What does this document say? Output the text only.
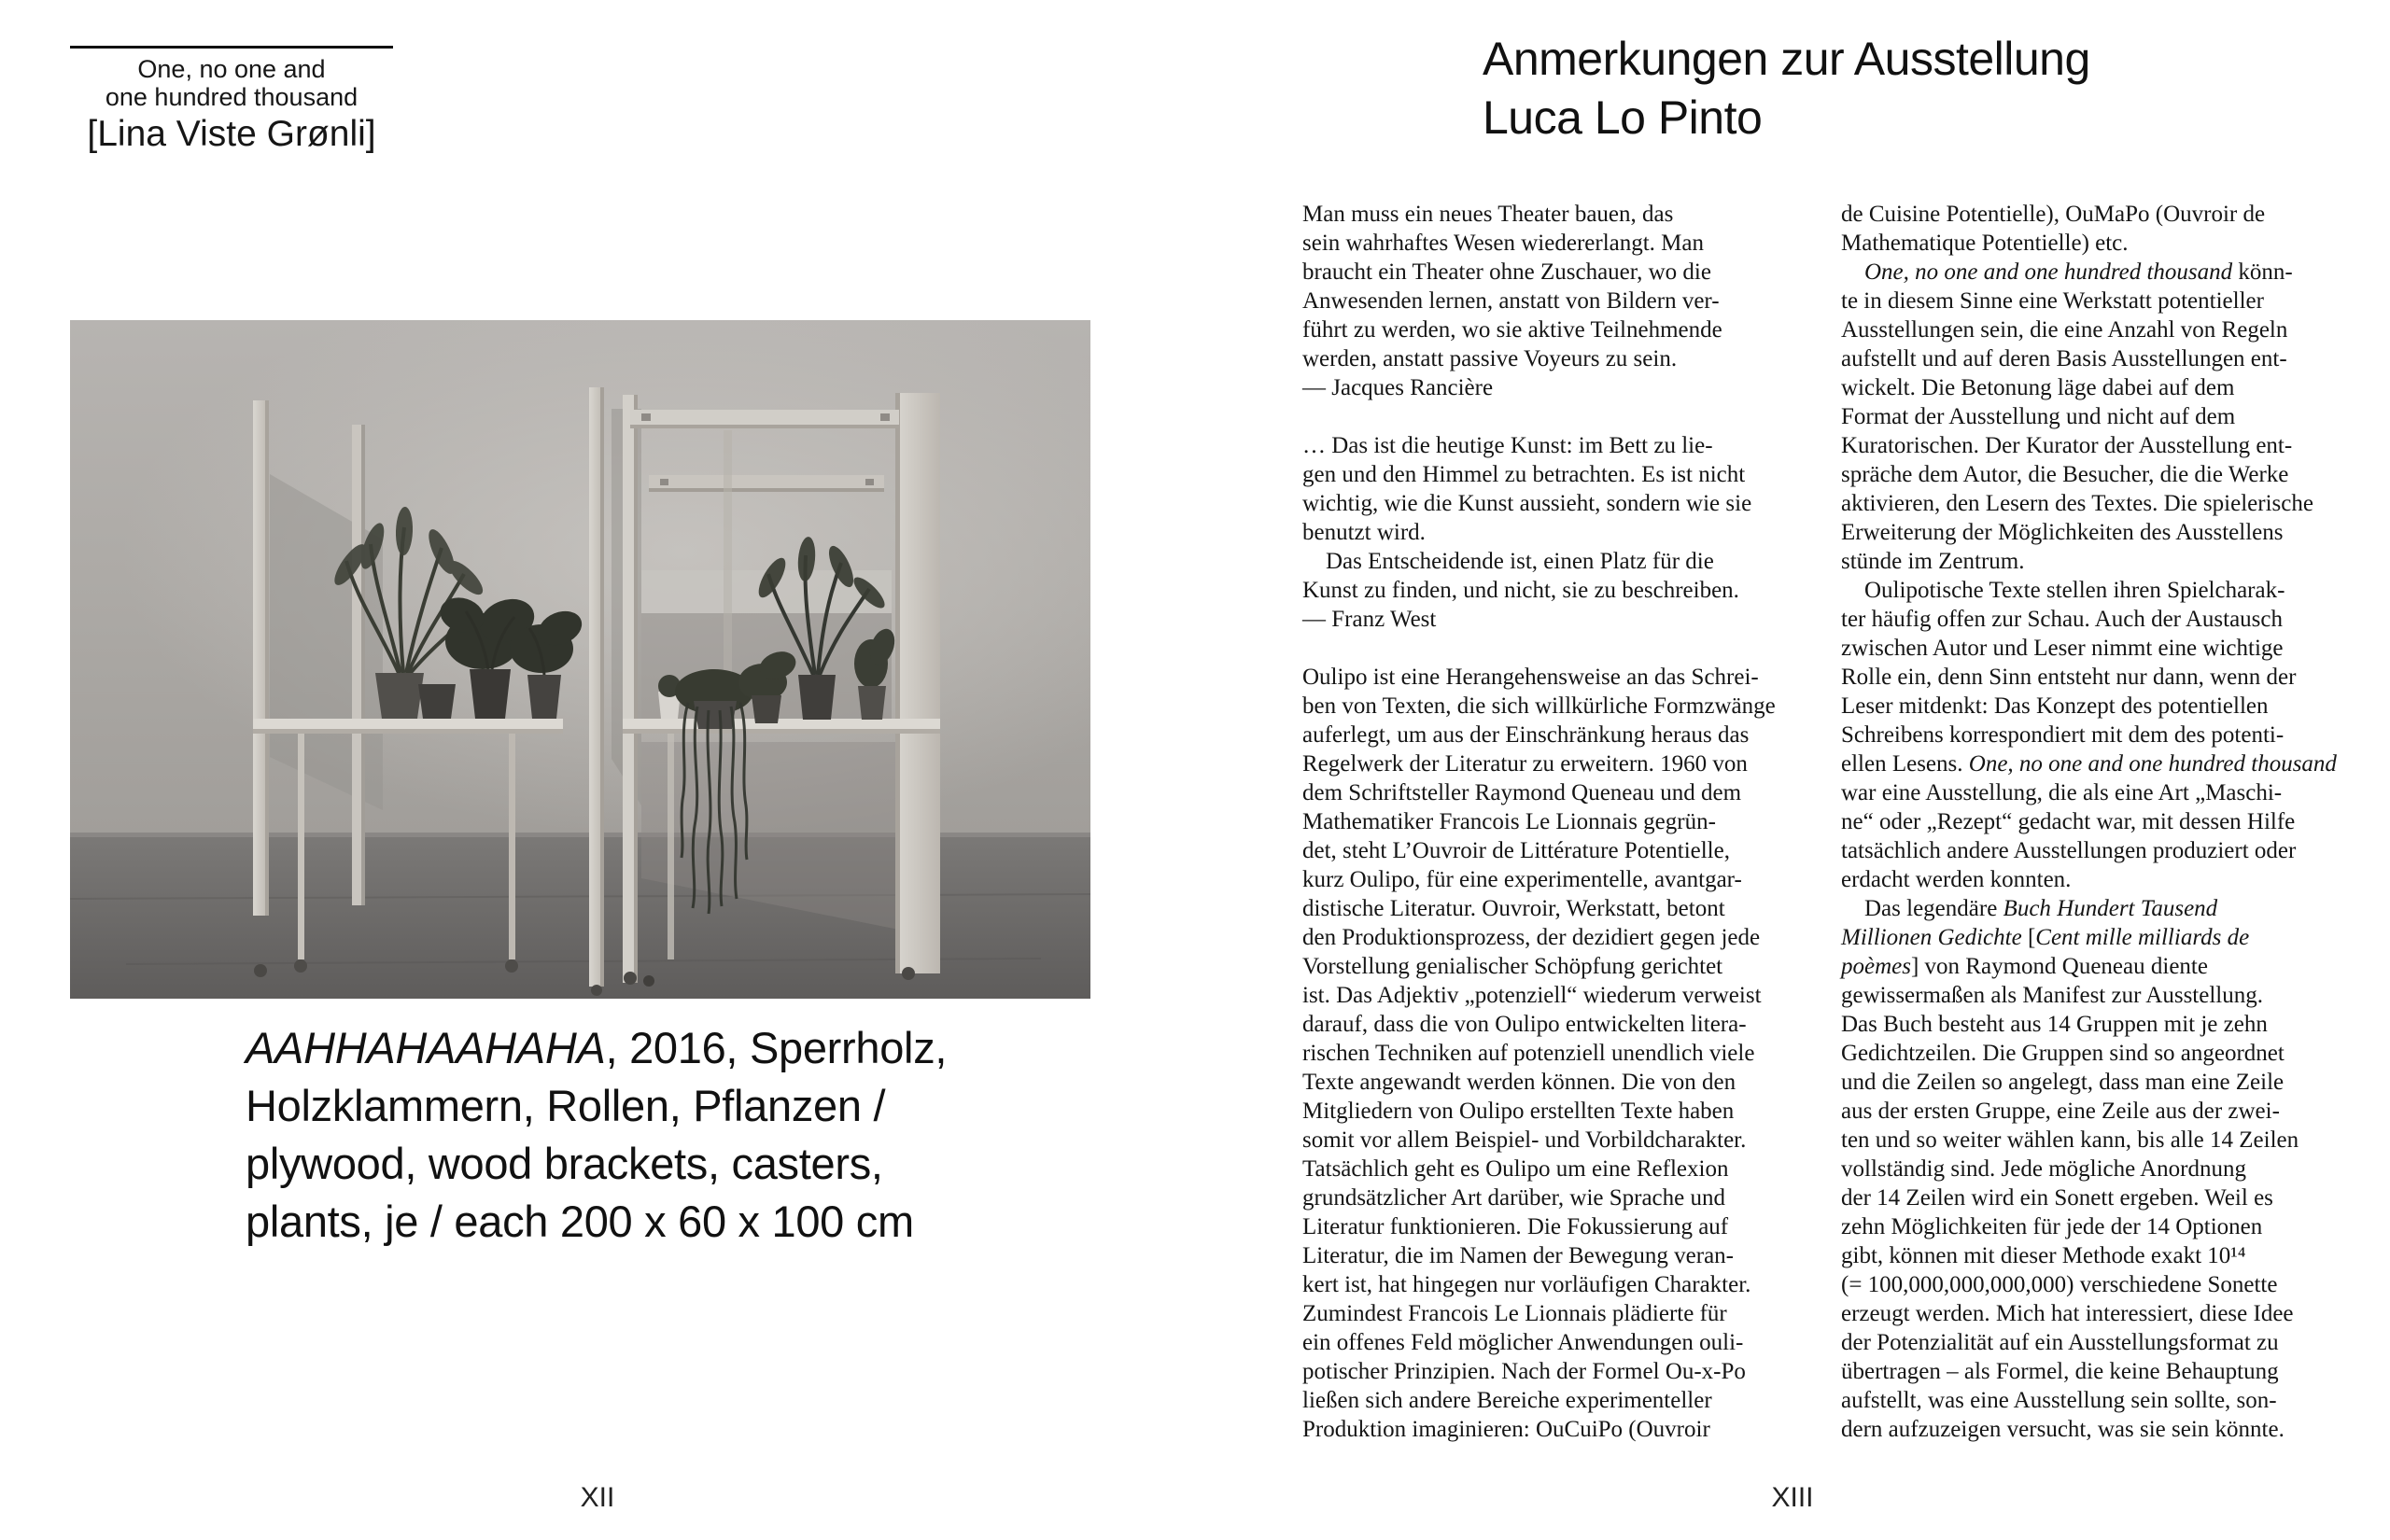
One, no one and
one hundred thousand
[Lina Viste Grønli]
AAHHAHAAHAHA, 2016, Sperrholz,
Holzklammern, Rollen, Pflanzen /
plywood, wood brackets, casters,
plants, je / each 200 x 60 x 100 cm
XII
Anmerkungen zur Ausstellung
Luca Lo Pinto
Man muss ein neues Theater bauen, das
sein wahrhaftes Wesen wiedererlangt. Man
braucht ein Theater ohne Zuschauer, wo die
Anwesenden lernen, anstatt von Bildern ver-
führt zu werden, wo sie aktive Teilnehmende
werden, anstatt passive Voyeurs zu sein.
— Jacques Rancière
… Das ist die heutige Kunst: im Bett zu lie-
gen und den Himmel zu betrachten. Es ist nicht
wichtig, wie die Kunst aussieht, sondern wie sie
benutzt wird.
 Das Entscheidende ist, einen Platz für die
Kunst zu finden, und nicht, sie zu beschreiben.
— Franz West
Oulipo ist eine Herangehensweise an das Schrei-
ben von Texten, die sich willkürliche Formzwänge
auferlegt, um aus der Einschränkung heraus das
Regelwerk der Literatur zu erweitern. 1960 von
dem Schriftsteller Raymond Queneau und dem
Mathematiker Francois Le Lionnais gegrün-
det, steht L’Ouvroir de Littérature Potentielle,
kurz Oulipo, für eine experimentelle, avantgar-
distische Literatur. Ouvroir, Werkstatt, betont
den Produktionsprozess, der dezidiert gegen jede
Vorstellung genialischer Schöpfung gerichtet
ist. Das Adjektiv „potenziell“ wiederum verweist
darauf, dass die von Oulipo entwickelten litera-
rischen Techniken auf potenziell unendlich viele
Texte angewandt werden können. Die von den
Mitgliedern von Oulipo erstellten Texte haben
somit vor allem Beispiel- und Vorbildcharakter.
Tatsächlich geht es Oulipo um eine Reflexion
grundsätzlicher Art darüber, wie Sprache und
Literatur funktionieren. Die Fokussierung auf
Literatur, die im Namen der Bewegung veran-
kert ist, hat hingegen nur vorläufigen Charakter.
Zumindest Francois Le Lionnais plädierte für
ein offenes Feld möglicher Anwendungen ouli-
potischer Prinzipien. Nach der Formel Ou-x-Po
ließen sich andere Bereiche experimenteller
Produktion imaginieren: OuCuiPo (Ouvroir
de Cuisine Potentielle), OuMaPo (Ouvroir de
Mathematique Potentielle) etc.
 One, no one and one hundred thousand könn-
te in diesem Sinne eine Werkstatt potentieller
Ausstellungen sein, die eine Anzahl von Regeln
aufstellt und auf deren Basis Ausstellungen ent-
wickelt. Die Betonung läge dabei auf dem
Format der Ausstellung und nicht auf dem
Kuratorischen. Der Kurator der Ausstellung ent-
spräche dem Autor, die Besucher, die die Werke
aktivieren, den Lesern des Textes. Die spielerische
Erweiterung der Möglichkeiten des Ausstellens
stünde im Zentrum.
 Oulipotische Texte stellen ihren Spielcharak-
ter häufig offen zur Schau. Auch der Austausch
zwischen Autor und Leser nimmt eine wichtige
Rolle ein, denn Sinn entsteht nur dann, wenn der
Leser mitdenkt: Das Konzept des potentiellen
Schreibens korrespondiert mit dem des potenti-
ellen Lesens. One, no one and one hundred thousand
war eine Ausstellung, die als eine Art „Maschi-
ne“ oder „Rezept“ gedacht war, mit dessen Hilfe
tatsächlich andere Ausstellungen produziert oder
erdacht werden konnten.
 Das legendäre Buch Hundert Tausend
Millionen Gedichte [Cent mille milliards de
poèmes] von Raymond Queneau diente
gewissermaßen als Manifest zur Ausstellung.
Das Buch besteht aus 14 Gruppen mit je zehn
Gedichtzeilen. Die Gruppen sind so angeordnet
und die Zeilen so angelegt, dass man eine Zeile
aus der ersten Gruppe, eine Zeile aus der zwei-
ten und so weiter wählen kann, bis alle 14 Zeilen
vollständig sind. Jede mögliche Anordnung
der 14 Zeilen wird ein Sonett ergeben. Weil es
zehn Möglichkeiten für jede der 14 Optionen
gibt, können mit dieser Methode exakt 10¹⁴
(= 100,000,000,000,000) verschiedene Sonette
erzeugt werden. Mich hat interessiert, diese Idee
der Potenzialität auf ein Ausstellungsformat zu
übertragen – als Formel, die keine Behauptung
aufstellt, was eine Ausstellung sein sollte, son-
dern aufzuzeigen versucht, was sie sein könnte.
XIII
